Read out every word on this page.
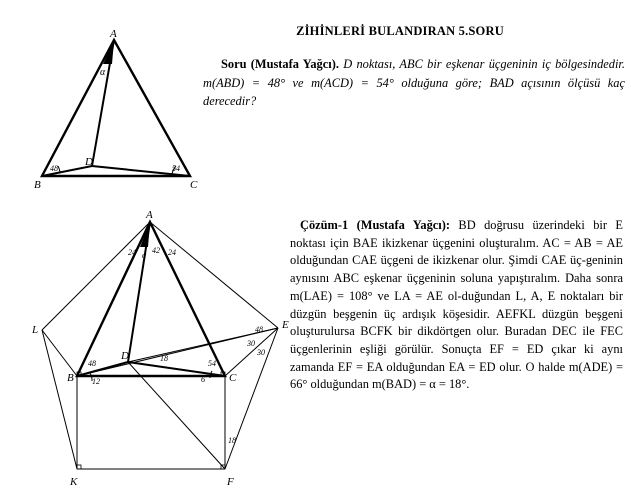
ZİHİNLERİ BULANDIRAN 5.SORU
Soru (Mustafa Yağcı). D noktası, ABC bir eşkenar üçgeninin iç bölgesindedir. m(ABD) = 48° ve m(ACD) = 54° olduğuna göre; BAD açısının ölçüsü kaç derecedir?
Çözüm-1 (Mustafa Yağcı): BD doğrusu üzerindeki bir E noktası için BAE ikizkenar üçgenini oluşturalım. AC = AB = AE olduğundan CAE üçgeni de ikizkenar olur. Şimdi CAE üç-geninin aynısını ABC eşkenar üçgeninin soluna yapıştıralım. Daha sonra m(LAE) = 108° ve LA = AE ol-duğundan L, A, E noktaları bir düzgün beşgenin üç ardışık köşesidir. AEFKL düzgün beşgeni oluşturulursa BCFK bir dikdörtgen olur. Buradan DEC ile FEC üçgenlerinin eşliği görülür. Sonuçta EF = ED çıkar ki aynı zamanda EF = EA olduğundan EA = ED olur. O halde m(ADE) = 66° olduğundan m(BAD) = α = 18°.
A
B	C
D
α
48	54
A
B	C
D
E
F
K
L
24 α
42 24
48
12
18
54
6
48
30
30
18
